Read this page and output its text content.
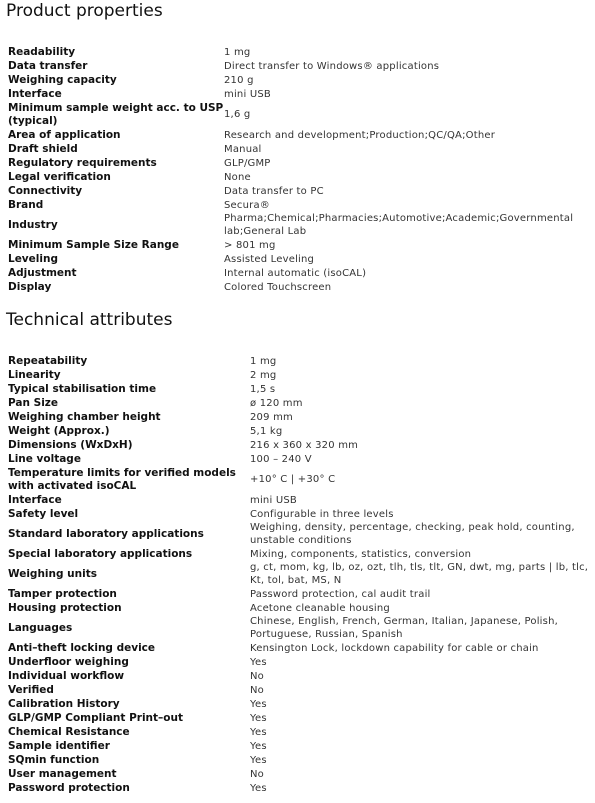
Product properties
Readability	1 mg
Data transfer	Direct transfer to Windows® applications
Weighing capacity	210 g
Interface	mini USB
Minimum sample weight acc. to USP (typical)	1,6 g
Area of application	Research and development;Production;QC/QA;Other
Draft shield	Manual
Regulatory requirements	GLP/GMP
Legal verification	None
Connectivity	Data transfer to PC
Brand	Secura®
Industry	Pharma;Chemical;Pharmacies;Automotive;Academic;Governmental lab;General Lab
Minimum Sample Size Range	> 801 mg
Leveling	Assisted Leveling
Adjustment	Internal automatic (isoCAL)
Display	Colored Touchscreen
Technical attributes
Repeatability	1 mg
Linearity	2 mg
Typical stabilisation time	1,5 s
Pan Size	ø 120 mm
Weighing chamber height	209 mm
Weight (Approx.)	5,1 kg
Dimensions (WxDxH)	216 x 360 x 320 mm
Line voltage	100 – 240 V
Temperature limits for verified models with activated isoCAL	+10° C | +30° C
Interface	mini USB
Safety level	Configurable in three levels
Standard laboratory applications	Weighing, density, percentage, checking, peak hold, counting, unstable conditions
Special laboratory applications	Mixing, components, statistics, conversion
Weighing units	g, ct, mom, kg, lb, oz, ozt, tlh, tls, tlt, GN, dwt, mg, parts | lb, tlc, Kt, tol, bat, MS, N
Tamper protection	Password protection, cal audit trail
Housing protection	Acetone cleanable housing
Languages	Chinese, English, French, German, Italian, Japanese, Polish, Portuguese, Russian, Spanish
Anti–theft locking device	Kensington Lock, lockdown capability for cable or chain
Underfloor weighing	Yes
Individual workflow	No
Verified	No
Calibration History	Yes
GLP/GMP Compliant Print–out	Yes
Chemical Resistance	Yes
Sample identifier	Yes
SQmin function	Yes
User management	No
Password protection	Yes
